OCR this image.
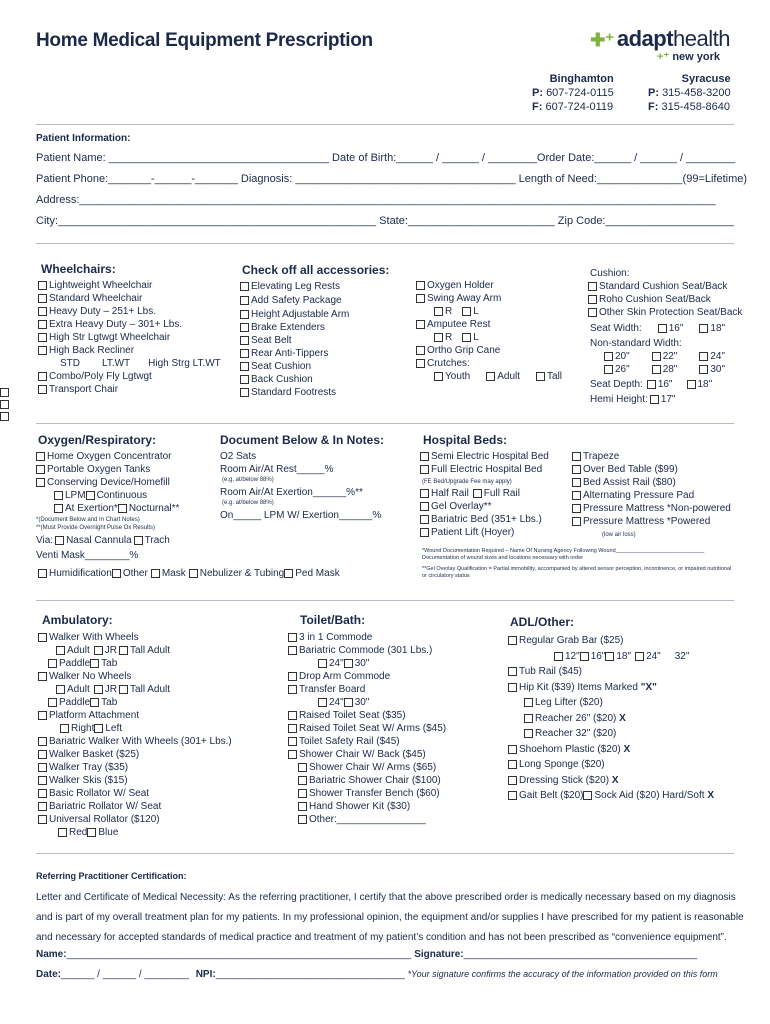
Home Medical Equipment Prescription	✚⁺ adapthealth
+⁺ new york
Binghamton
P: 607-724-0115
F: 607-724-0119
Syracuse
P: 315-458-3200
F: 315-458-8640
Patient Information:
Patient Name: ____________________________________ Date of Birth:______ / ______ / ________Order Date:______ / ______ / ________
Patient Phone:_______-______-_______ Diagnosis: ____________________________________ Length of Need:______________(99=Lifetime)
Address:________________________________________________________________________________________________________
City:____________________________________________________ State:________________________ Zip Code:_____________________
Wheelchairs:
Lightweight Wheelchair
Standard Wheelchair
Heavy Duty – 251+ Lbs.
Extra Heavy Duty – 301+ Lbs.
High Str Lgtwgt Wheelchair
High Back Recliner
STD LT.WT High Strg LT.WT
Combo/Poly Fly Lgtwgt
Transport Chair
Check off all accessories:
Elevating Leg Rests
Add Safety Package
Height Adjustable Arm
Brake Extenders
Seat Belt
Rear Anti-Tippers
Seat Cushion
Back Cushion
Standard Footrests
Oxygen Holder
Swing Away Arm
R L
Amputee Rest
R L
Ortho Grip Cane
Crutches:
Youth	Adult	Tall
Cushion:
Standard Cushion Seat/Back
Roho Cushion Seat/Back
Other Skin Protection Seat/Back
Seat Width:	16"	18"
Non-standard Width:
20"	22"	24"
26"	28"	30"
Seat Depth: 16"	18"
Hemi Height: 17"
Oxygen/Respiratory:
Home Oxygen Concentrator
Portable Oxygen Tanks
Conserving Device/Homefill
LPM Continuous
At Exertion* Nocturnal**
*(Document Below and In Chart Notes)
**(Must Provide Overnight Pulse Ox Results)
Via: Nasal Cannula Trach
Venti Mask________%
Humidification Other Mask Nebulizer & Tubing Ped Mask
Document Below & In Notes:
O2 Sats
Room Air/At Rest_____%
(e.g. at/below 88%)
Room Air/At Exertion______%**
(e.g. at/below 88%)
On_____ LPM W/ Exertion______%
Hospital Beds:
Semi Electric Hospital Bed
Full Electric Hospital Bed
(FE Bed/Upgrade Fee may apply)
Half Rail Full Rail
Gel Overlay**
Bariatric Bed (351+ Lbs.)
Patient Lift (Hoyer)
Trapeze
Over Bed Table ($99)
Bed Assist Rail ($80)
Alternating Pressure Pad
Pressure Mattress *Non-powered
Pressure Mattress *Powered
(low air loss)
*Wound Documentation Required – Name Of Nursing Agency Following Wound_____________________________ Documentation of wound sizes and locations necessary with order
**Gel Overlay Qualification = Partial immobility, accompanied by altered sensor perception, incontinence, or impaired nutritional or circulatory status
Ambulatory:
Walker With Wheels
Adult JR Tall Adult
Paddle Tab
Walker No Wheels
Adult JR Tall Adult
Paddle Tab
Platform Attachment
Right Left
Bariatric Walker With Wheels (301+ Lbs.)
Walker Basket ($25)
Walker Tray ($35)
Walker Skis ($15)
Basic Rollator W/ Seat
Bariatric Rollator W/ Seat
Universal Rollator ($120)
Red Blue
Toilet/Bath:
3 in 1 Commode
Bariatric Commode (301 Lbs.)
24" 30"
Drop Arm Commode
Transfer Board
24" 30"
Raised Toilet Seat ($35)
Raised Toilet Seat W/ Arms ($45)
Toilet Safety Rail ($45)
Shower Chair W/ Back ($45)
Shower Chair W/ Arms ($65)
Bariatric Shower Chair ($100)
Shower Transfer Bench ($60)
Hand Shower Kit ($30)
Other:________________
ADL/Other:
Regular Grab Bar ($25)
12" 16" 18" 24" 32"
Tub Rail ($45)
Hip Kit ($39) Items Marked
"X"
Leg Lifter ($20)
Reacher 26" ($20)
X
Reacher 32" ($20)
Shoehorn Plastic ($20)
X
Long Sponge ($20)
Dressing Stick ($20)
X
Gait Belt ($20) Sock Aid ($20) Hard/Soft
X
Referring Practitioner Certification:
Letter and Certificate of Medical Necessity: As the referring practitioner, I certify that the above prescribed order is medically necessary based on my diagnosis
and is part of my overall treatment plan for my patients. In my professional opinion, the equipment and/or supplies I have prescribed for my patient is reasonable
and necessary for accepted standards of medical practice and treatment of my patient’s condition and has not been prescribed as “convenience equipment”.
Name:______________________________________________________________ Signature:__________________________________________
Date:______ / ______ / ________ NPI:__________________________________ *Your signature confirms the accuracy of the information provided on this form
